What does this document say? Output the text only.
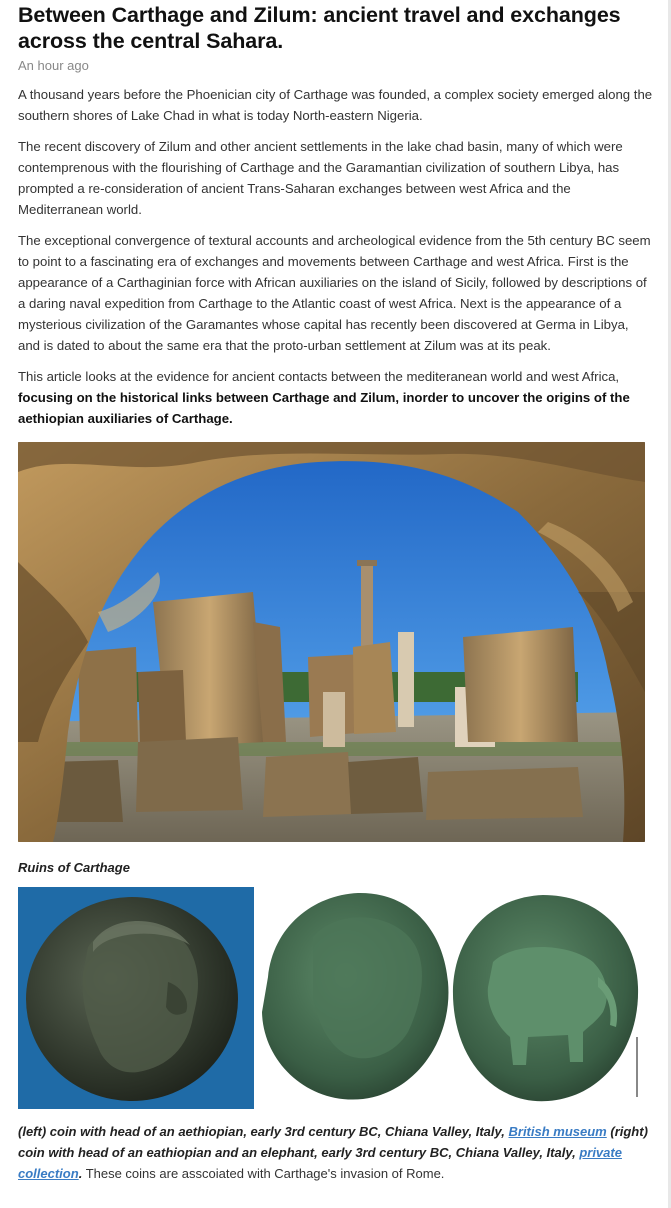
Between Carthage and Zilum: ancient travel and exchanges across the central Sahara.
An hour ago

A thousand years before the Phoenician city of Carthage was founded, a complex society emerged along the southern shores of Lake Chad in what is today North-eastern Nigeria.

The recent discovery of Zilum and other ancient settlements in the lake chad basin, many of which were contemprenous with the flourishing of Carthage and the Garamantian civilization of southern Libya, has prompted a re-consideration of ancient Trans-Saharan exchanges between west Africa and the Mediterranean world.

The exceptional convergence of textural accounts and archeological evidence from the 5th century BC seem to point to a fascinating era of exchanges and movements between Carthage and west Africa. First is the appearance of a Carthaginian force with African auxiliaries on the island of Sicily, followed by descriptions of a daring naval expedition from Carthage to the Atlantic coast of west Africa. Next is the appearance of a mysterious civilization of the Garamantes whose capital has recently been discovered at Germa in Libya, and is dated to about the same era that the proto-urban settlement at Zilum was at its peak.

This article looks at the evidence for ancient contacts between the mediteranean world and west Africa, focusing on the historical links between Carthage and Zilum, inorder to uncover the origins of the aethiopian auxiliaries of Carthage.

Ruins of Carthage
(left) coin with head of an aethiopian, early 3rd century BC, Chiana Valley, Italy, British museum (right) coin with head of an eathiopian and an elephant, early 3rd century BC, Chiana Valley, Italy, private collection. These coins are asscoiated with Carthage's invasion of Rome.
